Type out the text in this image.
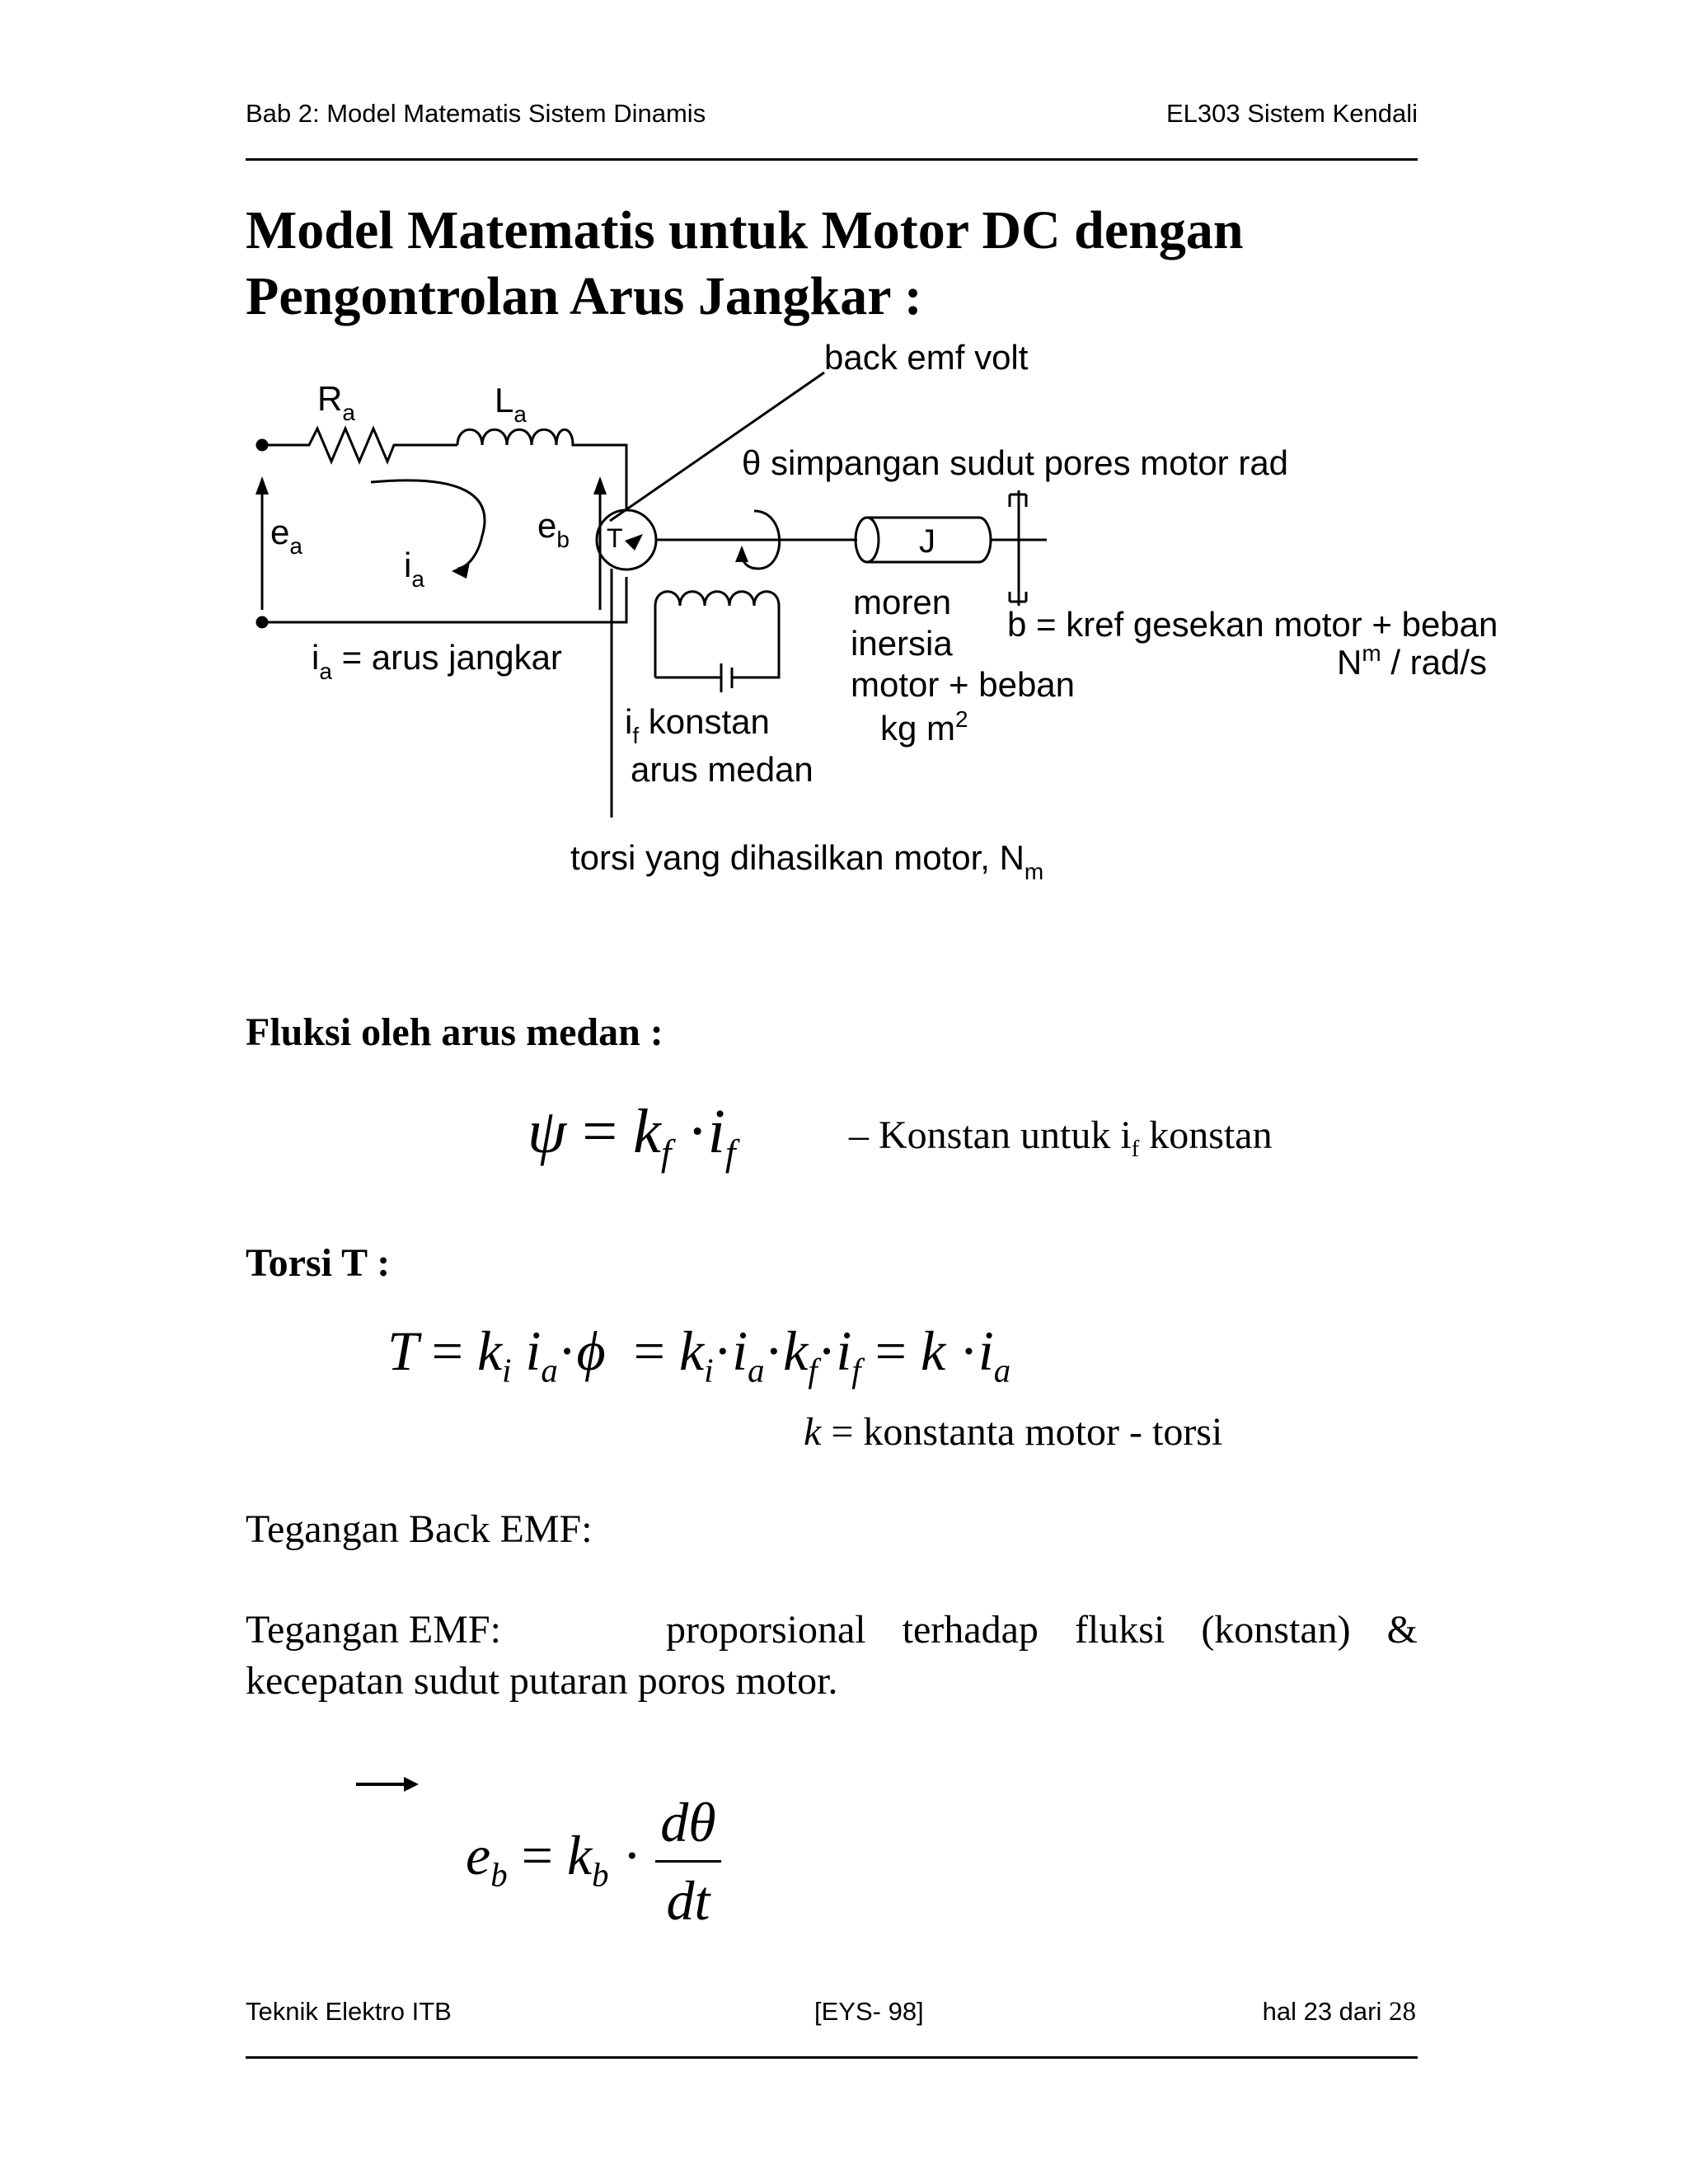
Bab 2: Model Matematis Sistem Dinamis	EL303 Sistem Kendali
Model Matematis untuk Motor DC dengan Pengontrolan Arus Jangkar :
back emf volt
$R_a$	$L_a$
θ simpangan sudut pores motor rad
$e_a$
$e_b$ T	J
$i_a$
moren
inersia
motor + beban
kg $m^2$
b = kref gesekan motor + beban
$N^m / rad/s$
$i_a$ = arus jangkar
$i_f$ konstan
arus medan
torsi yang dihasilkan motor, $N_m$
Fluksi oleh arus medan :
$\psi = k_f \cdot i_f$	– Konstan untuk $i_f$ konstan
Torsi T :
$T = k_i$ $i_a\cdot\phi = k_i\cdot i_a\cdot k_f\cdot i_f = k \cdot i_a$
k = konstanta motor - torsi
Tegangan Back EMF:
Tegangan EMF:	proporsional terhadap fluksi (konstan) &
kecepatan sudut putaran poros motor.
$e_b = k_b \cdot \frac{d\theta}{dt}$
Teknik Elektro ITB	[EYS- 98]	hal 23 dari 28
